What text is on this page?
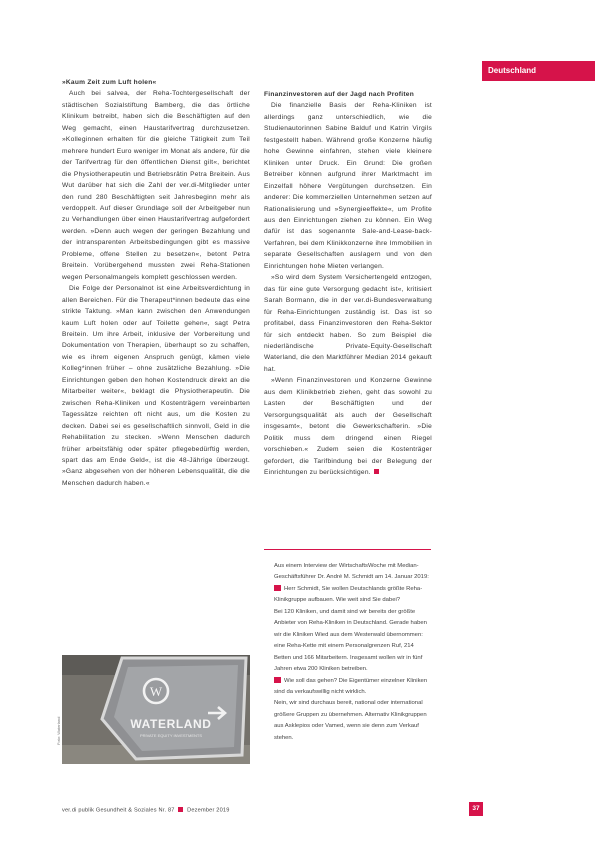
Deutschland

»Kaum Zeit zum Luft holen«

Auch bei salvea, der Reha-Tochtergesellschaft der städtischen Sozialstiftung Bamberg, die das örtliche Klinikum betreibt, haben sich die Beschäftigten auf den Weg gemacht, einen Haustarifvertrag durchzusetzen. »Kolleginnen erhalten für die gleiche Tätigkeit zum Teil mehrere hundert Euro weniger im Monat als andere, für die der Tarifvertrag für den öffentlichen Dienst gilt«, berichtet die Physiotherapeutin und Betriebsrätin Petra Breitein. Aus Wut darüber hat sich die Zahl der ver.di-Mitglieder unter den rund 280 Beschäftigten seit Jahresbeginn mehr als verdoppelt. Auf dieser Grundlage soll der Arbeitgeber nun zu Verhandlungen über einen Haustarifvertrag aufgefordert werden. »Denn auch wegen der geringen Bezahlung und der intransparenten Arbeitsbedingungen gibt es massive Probleme, offene Stellen zu besetzen«, betont Petra Breitein. Vorübergehend mussten zwei Reha-Stationen wegen Personalmangels komplett geschlossen werden.

Die Folge der Personalnot ist eine Arbeitsverdichtung in allen Bereichen. Für die Therapeut*innen bedeute das eine strikte Taktung. »Man kann zwischen den Anwendungen kaum Luft holen oder auf Toilette gehen«, sagt Petra Breitein. Um ihre Arbeit, inklusive der Vorbereitung und Dokumentation von Therapien, überhaupt so zu schaffen, wie es ihrem eigenen Anspruch genügt, kämen viele Kolleg*innen früher – ohne zusätzliche Bezahlung. »Die Einrichtungen geben den hohen Kostendruck direkt an die Mitarbeiter weiter«, beklagt die Physiotherapeutin. Die zwischen Reha-Kliniken und Kostenträgern vereinbarten Tagessätze reichten oft nicht aus, um die Kosten zu decken. Dabei sei es gesellschaftlich sinnvoll, Geld in die Rehabilitation zu stecken. »Wenn Menschen dadurch früher arbeitsfähig oder später pflegebedürftig werden, spart das am Ende Geld«, ist die 48-Jährige überzeugt. »Ganz abgesehen von der höheren Lebensqualität, die die Menschen dadurch haben.«

Finanzinvestoren auf der Jagd nach Profiten

Die finanzielle Basis der Reha-Kliniken ist allerdings ganz unterschiedlich, wie die Studienautorinnen Sabine Balduf und Katrin Virgils festgestellt haben. Während große Konzerne häufig hohe Gewinne einfahren, stehen viele kleinere Kliniken unter Druck. Ein Grund: Die großen Betreiber können aufgrund ihrer Marktmacht im Einzelfall höhere Vergütungen durchsetzen. Ein anderer: Die kommerziellen Unternehmen setzen auf Rationalisierung und »Synergieeffekte«, um Profite aus den Einrichtungen ziehen zu können. Ein Weg dafür ist das sogenannte Sale-and-Lease-back-Verfahren, bei dem Klinikkonzerne ihre Immobilien in separate Gesellschaften auslagern und von den Einrichtungen hohe Mieten verlangen.

»So wird dem System Versichertengeld entzogen, das für eine gute Versorgung gedacht ist«, kritisiert Sarah Bormann, die in der ver.di-Bundesverwaltung für Reha-Einrichtungen zuständig ist. Das ist so profitabel, dass Finanzinvestoren den Reha-Sektor für sich entdeckt haben. So zum Beispiel die niederländische Private-Equity-Gesellschaft Waterland, die den Marktführer Median 2014 gekauft hat.

»Wenn Finanzinvestoren und Konzerne Gewinne aus dem Klinikbetrieb ziehen, geht das sowohl zu Lasten der Beschäftigten und der Versorgungsqualität als auch der Gesellschaft insgesamt«, betont die Gewerkschafterin. »Die Politik muss dem dringend einen Riegel vorschieben.« Zudem seien die Kostenträger gefordert, die Tarifbindung bei der Belegung der Einrichtungen zu berücksichtigen.

Aus einem Interview der WirtschaftsWoche mit Median-Geschäftsführer Dr. André M. Schmidt am 14. Januar 2019:

Herr Schmidt, Sie wollen Deutschlands größte Reha-Klinikgruppe aufbauen. Wie weit sind Sie dabei?

Bei 120 Kliniken, und damit sind wir bereits der größte Anbieter von Reha-Kliniken in Deutschland. Gerade haben wir die Kliniken Wied aus dem Westerwald übernommen: eine Reha-Kette mit einem Personalgrenzen Ruf, 214 Betten und 166 Mitarbeitern. Insgesamt wollen wir in fünf Jahren etwa 200 Kliniken betreiben.

Wie soll das gehen? Die Eigentümer einzelner Kliniken sind da verkaufswillig nicht wirklich.

Nein, wir sind durchaus bereit, national oder international größere Gruppen zu übernehmen. Alternativ Klinikgruppen aus Asklepios oder Vamed, wenn sie denn zum Verkauf stehen.

W
WATERLAND
PRIVATE EQUITY INVESTMENTS
Foto: Waterland
ver.di publik Gesundheit & Soziales Nr. 87 Dezember 2019	37
